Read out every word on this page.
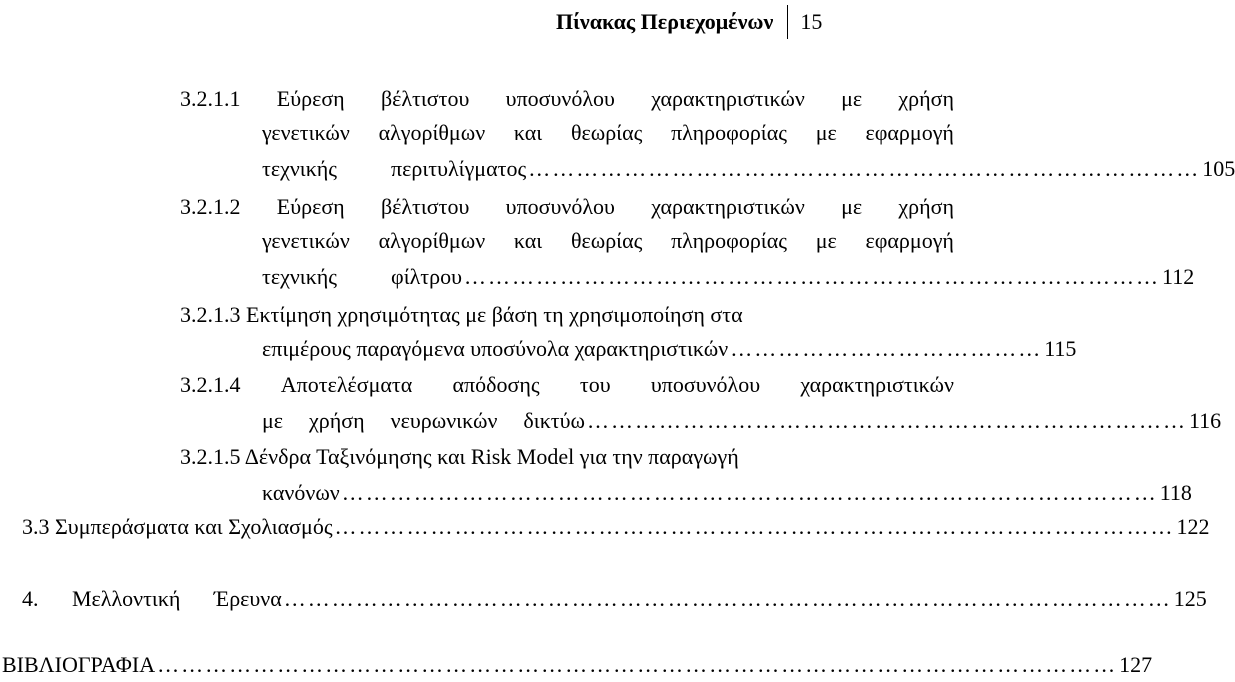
Πίνακας Περιεχομένων	15
3.2.1.1 Εύρεση βέλτιστου υποσυνόλου χαρακτηριστικών με χρήση
γενετικών αλγορίθμων και θεωρίας πληροφορίας με εφαρμογή
τεχνικής περιτυλίγματος ………………………………………………………………………… 105
3.2.1.2 Εύρεση βέλτιστου υποσυνόλου χαρακτηριστικών με χρήση
γενετικών αλγορίθμων και θεωρίας πληροφορίας με εφαρμογή
τεχνικής φίλτρου …………………………………………………………………………… 112
3.2.1.3 Εκτίμηση χρησιμότητας με βάση τη χρησιμοποίηση στα
επιμέρους παραγόμενα υποσύνολα χαρακτηριστικών ………………………………… 115
3.2.1.4 Αποτελέσματα απόδοσης του υποσυνόλου χαρακτηριστικών
με χρήση νευρωνικών δικτύω ………………………………………………………………… 116
3.2.1.5 Δένδρα Ταξινόμησης και Risk Model για την παραγωγή
κανόνων ………………………………………………………………………………………… 118
3.3 Συμπεράσματα και Σχολιασμός …………………………………………………………………………………………… 122
4. Μελλοντική Έρευνα ………………………………………………………………………………………………… 125
ΒΙΒΛΙΟΓΡΑΦΙΑ ………………………………………………………………………………………………………… 127
